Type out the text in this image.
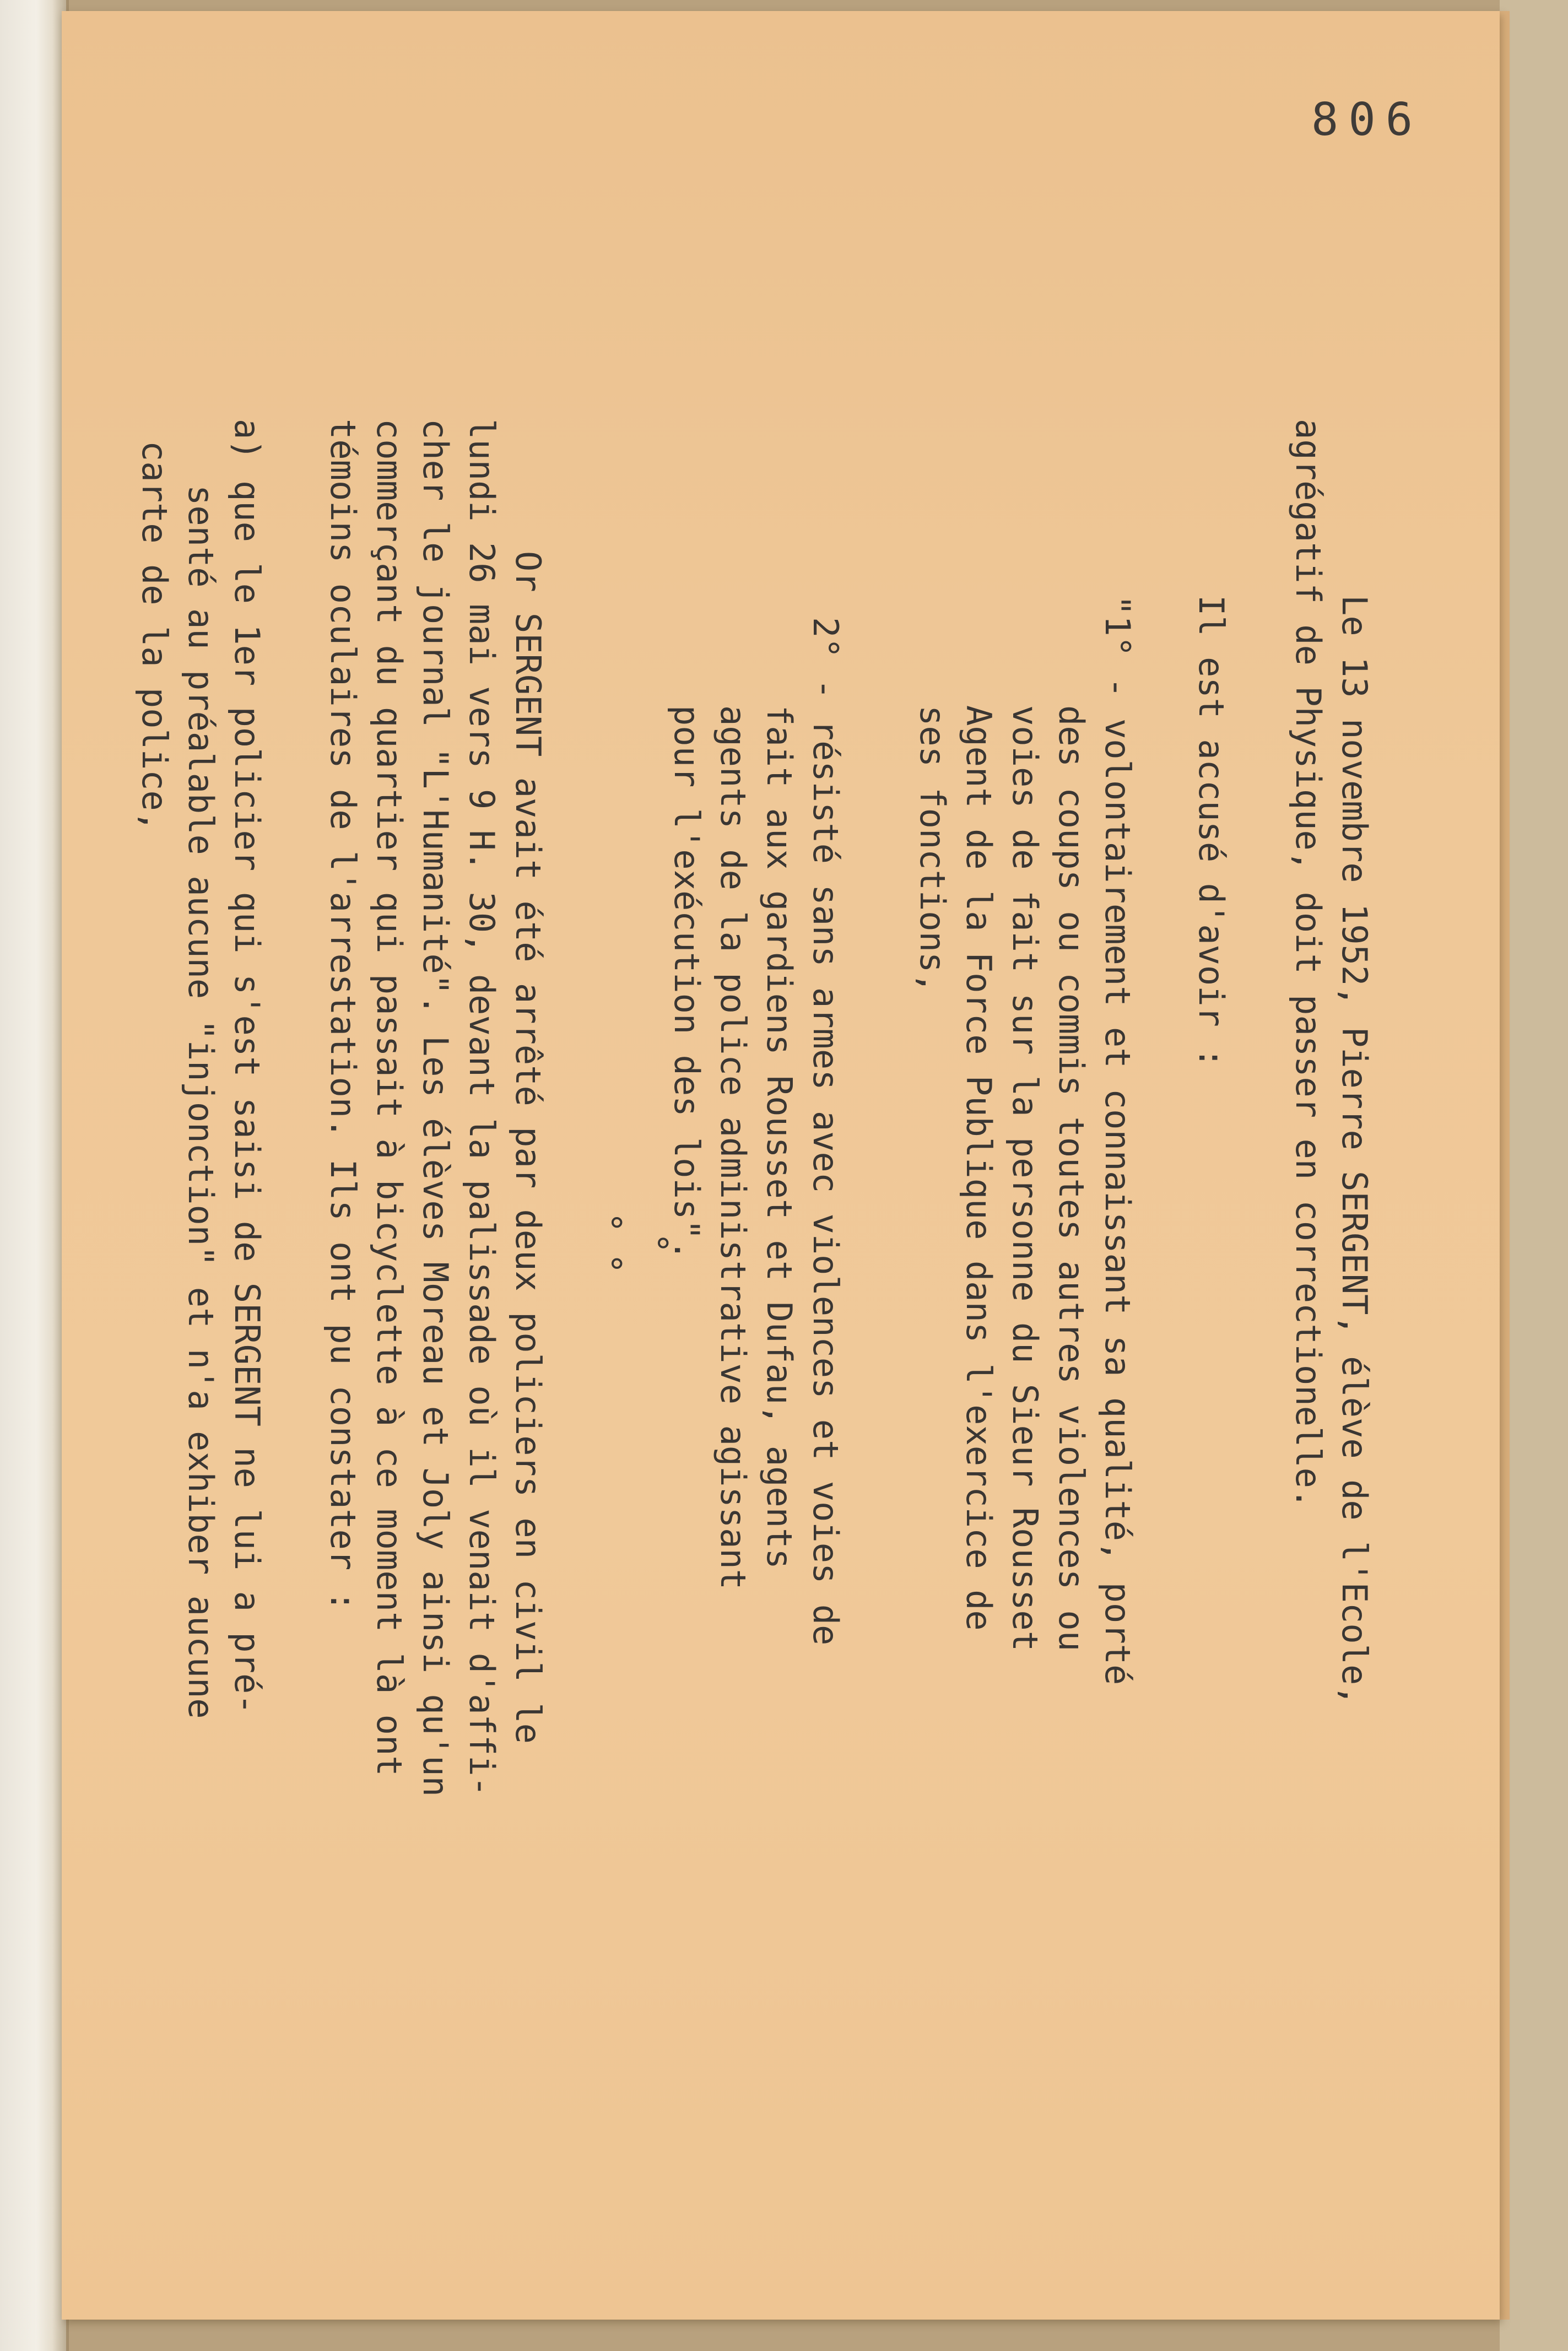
806
Le 13 novembre 1952, Pierre SERGENT, élève de l'Ecole,
agrégatif de Physique, doit passer en correctionelle.
Il est accusé d'avoir :
"1° - volontairement et connaissant sa qualité, porté
des coups ou commis toutes autres violences ou
voies de fait sur la personne du Sieur Rousset
Agent de la Force Publique dans l'exercice de
ses fonctions,
2° - résisté sans armes avec violences et voies de
fait aux gardiens Rousset et Dufau, agents
agents de la police administrative agissant
pour l'exécution des lois".
°
° °
Or SERGENT avait été arrêté par deux policiers en civil le
lundi 26 mai vers 9 H. 30, devant la palissade où il venait d'affi-
cher le journal "L'Humanité". Les élèves Moreau et Joly ainsi qu'un
commerçant du quartier qui passait à bicyclette à ce moment là ont
témoins oculaires de l'arrestation. Ils ont pu constater :
a) que le 1er policier qui s'est saisi de SERGENT ne lui a pré-
senté au préalable aucune "injonction" et n'a exhiber aucune
carte de la police,
